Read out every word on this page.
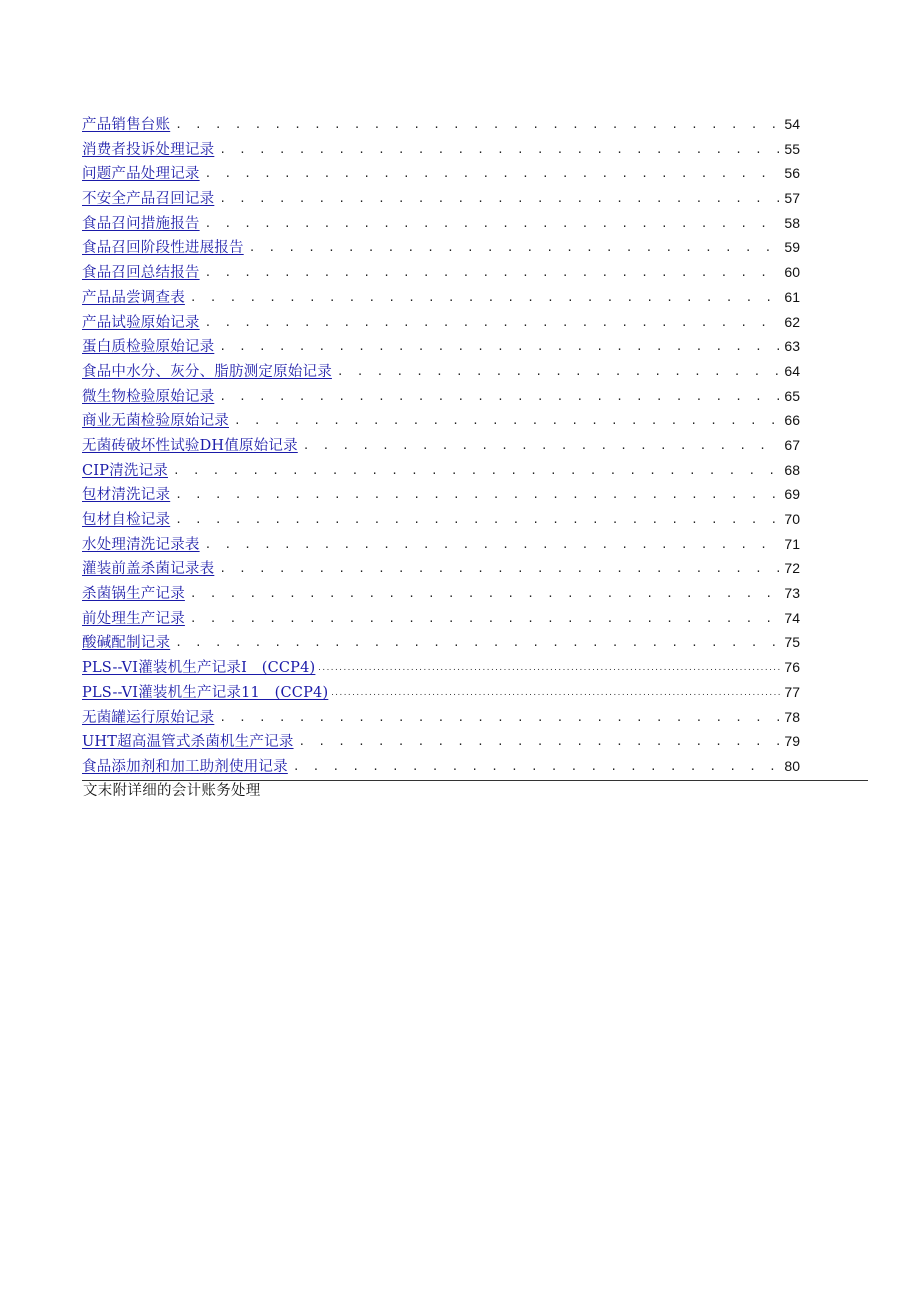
产品销售台账 . . .	54
消费者投诉处理记录 . . .	55
问题产品处理记录 . . .	56
不安全产品召回记录 . . .	57
食品召问措施报告 . . .	58
食品召回阶段性进展报告 . . .	59
食品召回总结报告 . . .	60
产品品尝调查表 . . .	61
产品试验原始记录 . . .	62
蛋白质检验原始记录 . . .	63
食品中水分、灰分、脂肪测定原始记录 . . .	64
微生物检验原始记录 . . .	65
商业无菌检验原始记录 . . .	66
无菌砖破坏性试验DH值原始记录 . . .	67
CIP清洗记录 . . .	68
包材清洗记录 . . .	69
包材自检记录 . . .	70
水处理清洗记录表 . . .	71
灌装前盖杀菌记录表 . . .	72
杀菌锅生产记录 . . .	73
前处理生产记录 . . .	74
酸碱配制记录 . . .	75
PLS--VI灌装机生产记录I　(CCP4) .....	76
PLS--VI灌装机生产记录11　(CCP4) .....	77
无菌罐运行原始记录 . . .	78
UHT超高温管式杀菌机生产记录 . . .	79
食品添加剂和加工助剂使用记录 . . .	80
文末附详细的会计账务处理
